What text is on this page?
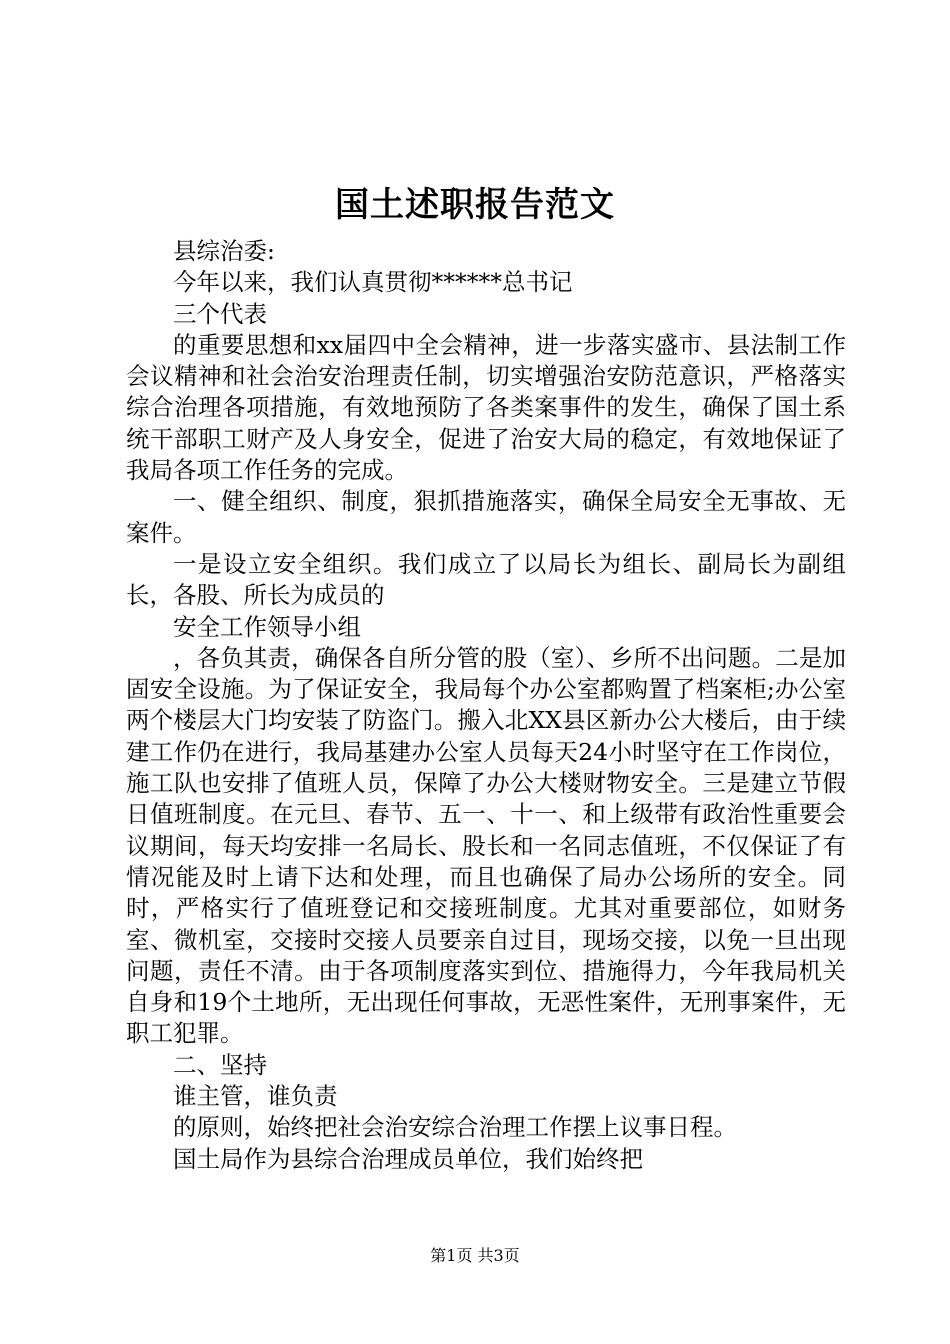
国土述职报告范文

县综治委:

今年以来，我们认真贯彻******总书记

三个代表

的重要思想和xx届四中全会精神，进一步落实盛市、县法制工作会议精神和社会治安治理责任制，切实增强治安防范意识，严格落实综合治理各项措施，有效地预防了各类案事件的发生，确保了国土系统干部职工财产及人身安全，促进了治安大局的稳定，有效地保证了我局各项工作任务的完成。

一、健全组织、制度，狠抓措施落实，确保全局安全无事故、无案件。

一是设立安全组织。我们成立了以局长为组长、副局长为副组长，各股、所长为成员的

安全工作领导小组

，各负其责，确保各自所分管的股（室）、乡所不出问题。二是加固安全设施。为了保证安全，我局每个办公室都购置了档案柜;办公室两个楼层大门均安装了防盗门。搬入北XX县区新办公大楼后，由于续建工作仍在进行，我局基建办公室人员每天24小时坚守在工作岗位，施工队也安排了值班人员，保障了办公大楼财物安全。三是建立节假日值班制度。在元旦、春节、五一、十一、和上级带有政治性重要会议期间，每天均安排一名局长、股长和一名同志值班，不仅保证了有情况能及时上请下达和处理，而且也确保了局办公场所的安全。同时，严格实行了值班登记和交接班制度。尤其对重要部位，如财务室、微机室，交接时交接人员要亲自过目，现场交接，以免一旦出现问题，责任不清。由于各项制度落实到位、措施得力，今年我局机关自身和19个土地所，无出现任何事故，无恶性案件，无刑事案件，无职工犯罪。

二、坚持

谁主管，谁负责

的原则，始终把社会治安综合治理工作摆上议事日程。

国土局作为县综合治理成员单位，我们始终把

第1页 共3页
